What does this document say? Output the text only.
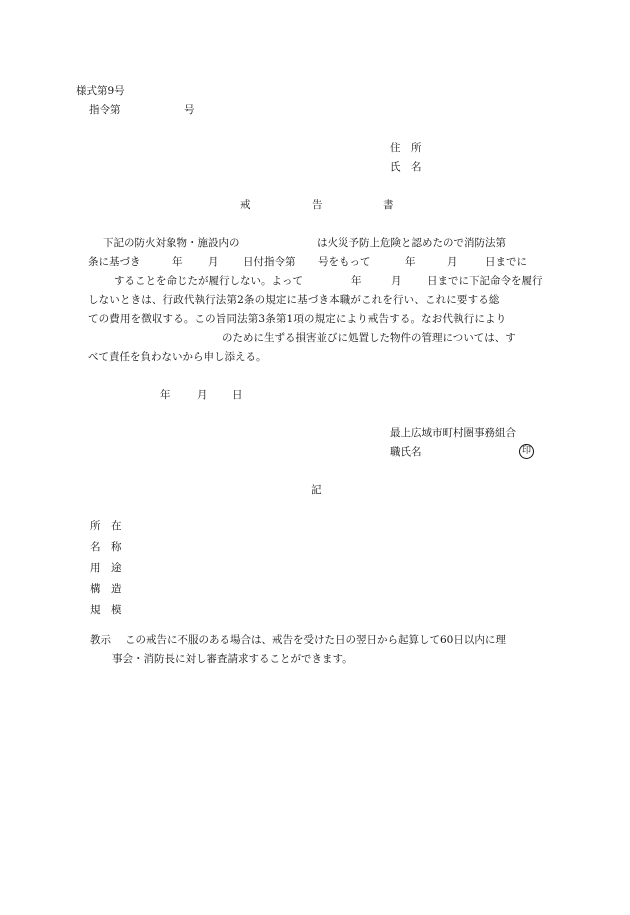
様式第9号
指令第	号
住　所
氏　名
戒	告	書
下記の防火対象物・施設内の	は火災予防上危険と認めたので消防法第
条に基づき	年 月 日付指令第 号をもって	年	月	日までに
することを命じたが履行しない。よって	年	月 日までに下記命令を履行
しないときは、行政代執行法第2条の規定に基づき本職がこれを行い、これに要する総
ての費用を徴収する。この旨同法第3条第1項の規定により戒告する。なお代執行により
のために生ずる損害並びに処置した物件の管理については、す
べて責任を負わないから申し添える。
年	月 日
最上広域市町村圏事務組合
職氏名	印
記
所　在
名　称
用　途
構　造
規　模
教示 この戒告に不服のある場合は、戒告を受けた日の翌日から起算して60日以内に理
事会・消防長に対し審査請求することができます。
